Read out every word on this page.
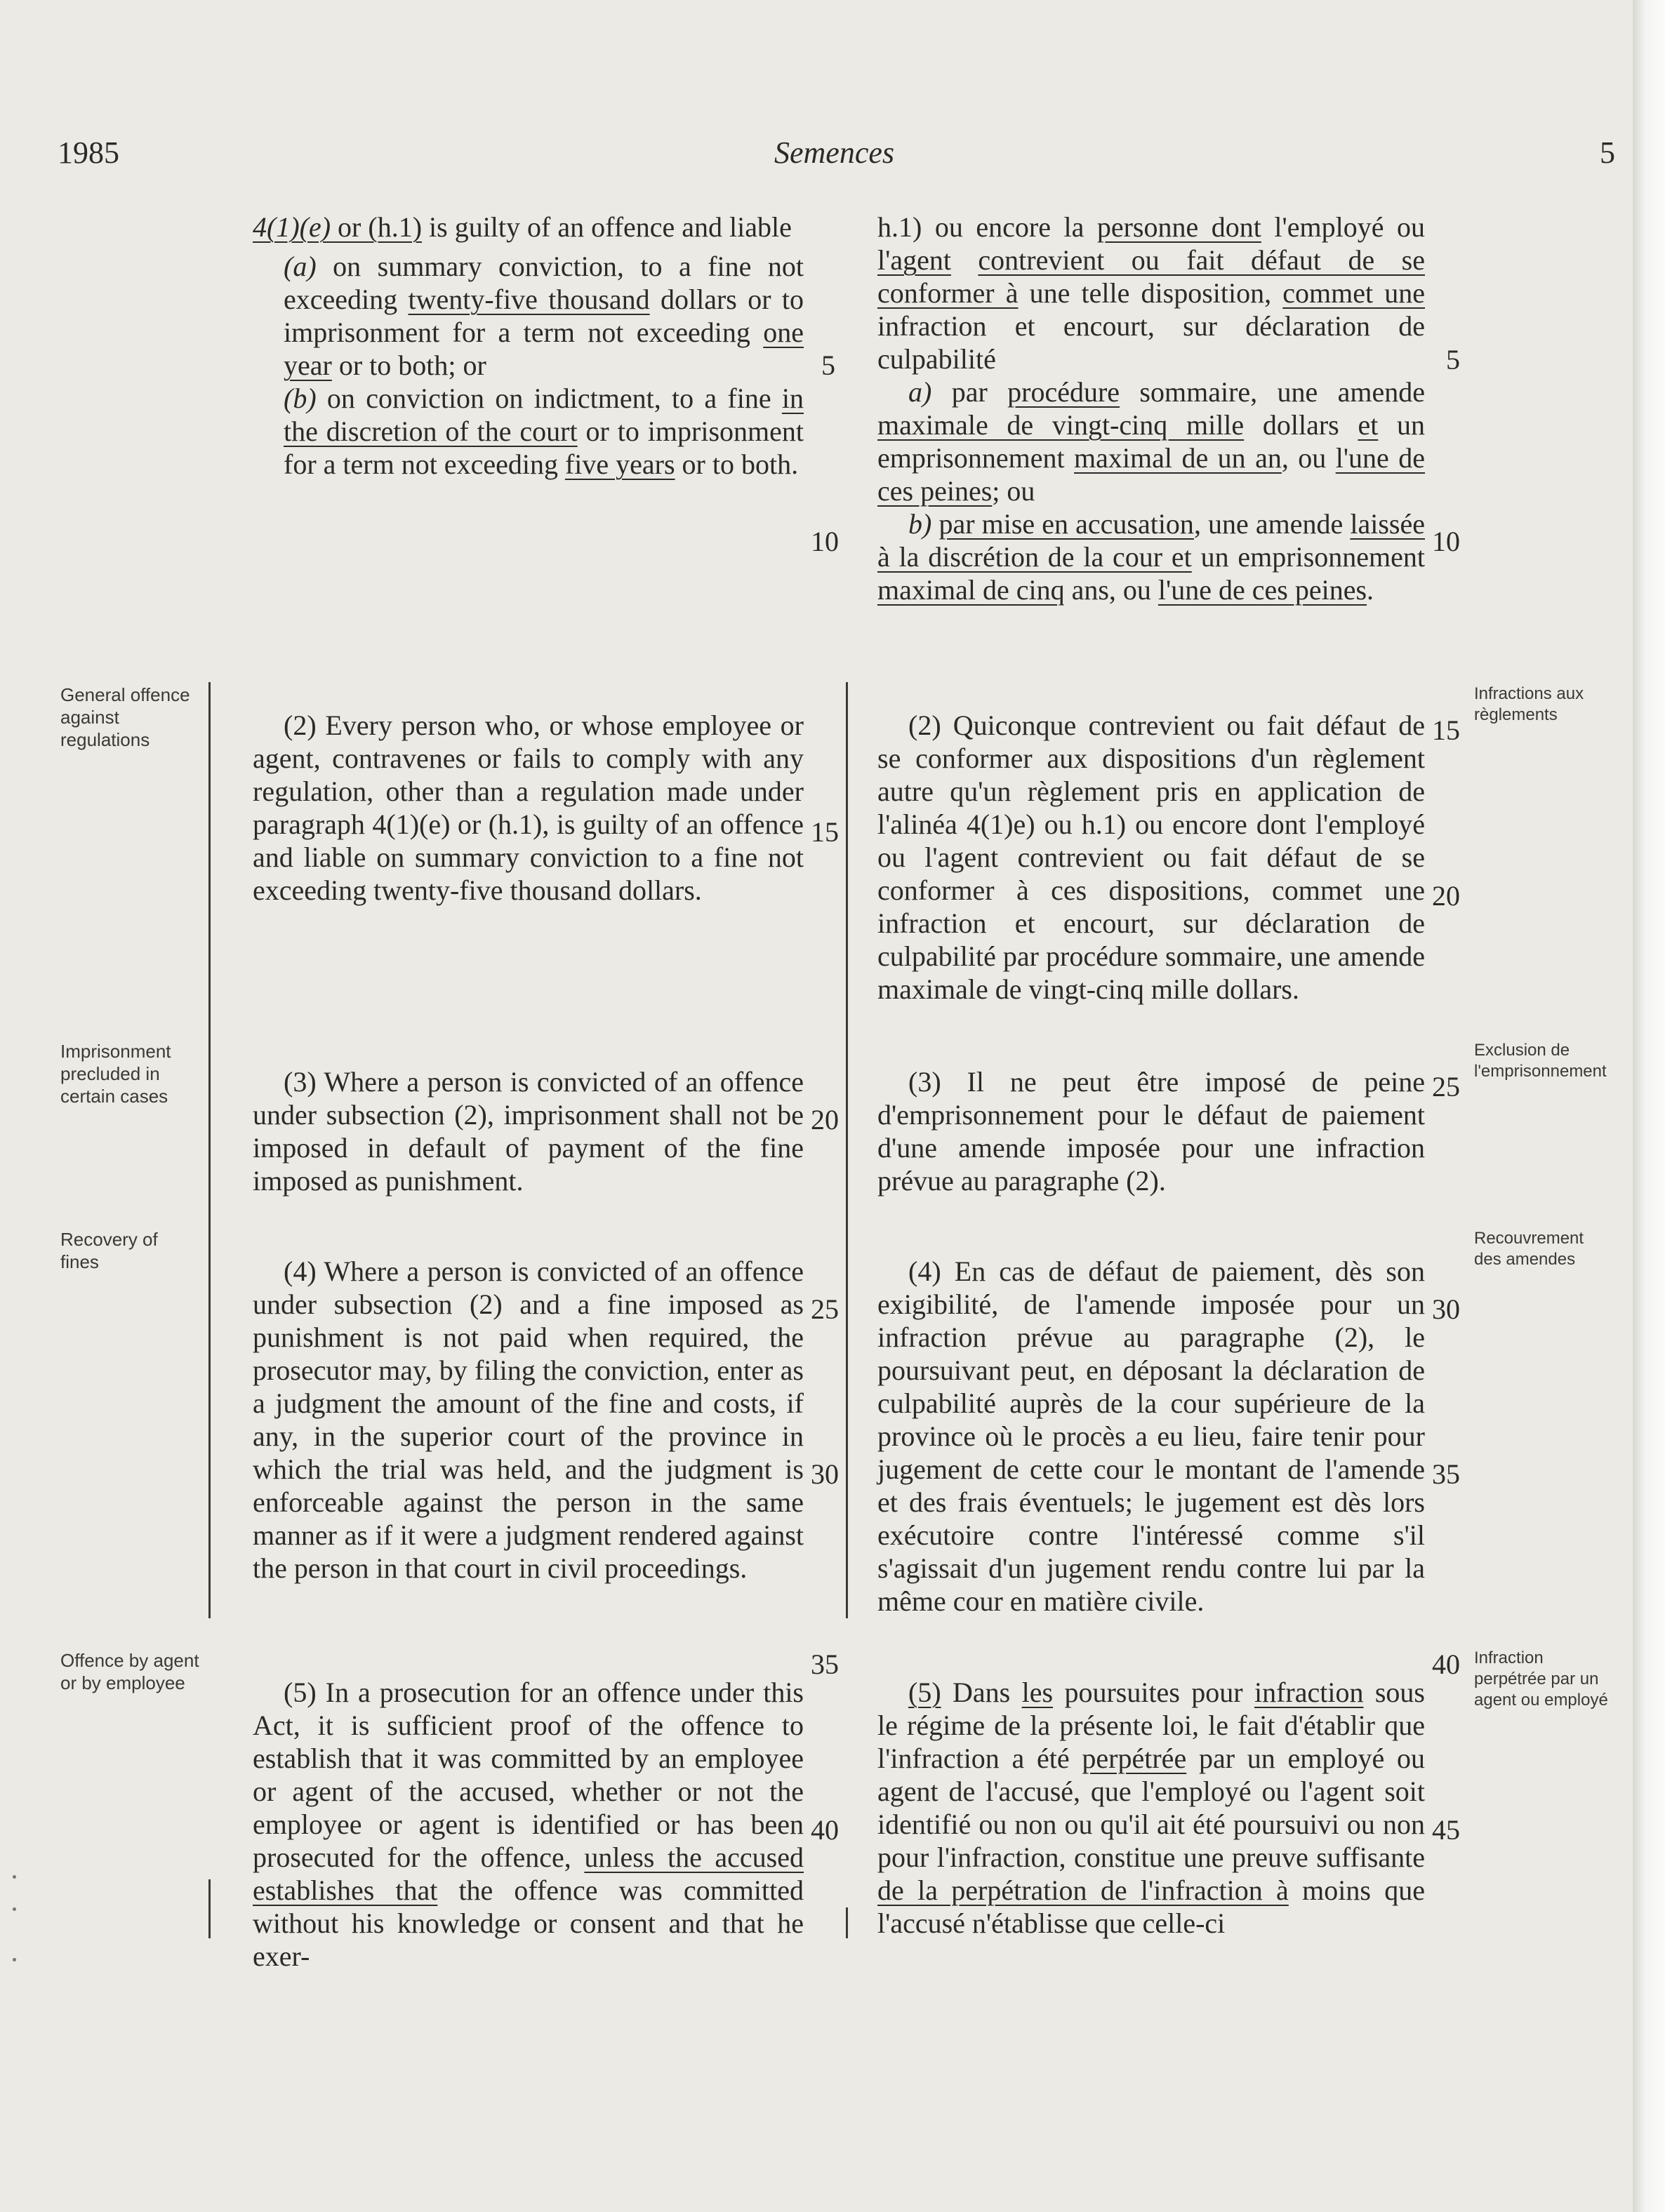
1985	Semences	5

4(1)(e) or (h.1) is guilty of an offence and liable

(a) on summary conviction, to a fine not exceeding twenty-five thousand dollars or to imprisonment for a term not exceeding one year or to both; or

(b) on conviction on indictment, to a fine in the discretion of the court or to imprisonment for a term not exceeding five years or to both.

(2) Every person who, or whose employee or agent, contravenes or fails to comply with any regulation, other than a regulation made under paragraph 4(1)(e) or (h.1), is guilty of an offence and liable on summary conviction to a fine not exceeding twenty-five thousand dollars.

(3) Where a person is convicted of an offence under subsection (2), imprisonment shall not be imposed in default of payment of the fine imposed as punishment.

(4) Where a person is convicted of an offence under subsection (2) and a fine imposed as punishment is not paid when required, the prosecutor may, by filing the conviction, enter as a judgment the amount of the fine and costs, if any, in the superior court of the province in which the trial was held, and the judgment is enforceable against the person in the same manner as if it were a judgment rendered against the person in that court in civil proceedings.

(5) In a prosecution for an offence under this Act, it is sufficient proof of the offence to establish that it was committed by an employee or agent of the accused, whether or not the employee or agent is identified or has been prosecuted for the offence, unless the accused establishes that the offence was committed without his knowledge or consent and that he exer-

h.1) ou encore la personne dont l'employé ou l'agent contrevient ou fait défaut de se conformer à une telle disposition, commet une infraction et encourt, sur déclaration de culpabilité

a) par procédure sommaire, une amende maximale de vingt-cinq mille dollars et un emprisonnement maximal de un an, ou l'une de ces peines; ou

b) par mise en accusation, une amende laissée à la discrétion de la cour et un emprisonnement maximal de cinq ans, ou l'une de ces peines.

(2) Quiconque contrevient ou fait défaut de se conformer aux dispositions d'un règlement autre qu'un règlement pris en application de l'alinéa 4(1)e) ou h.1) ou encore dont l'employé ou l'agent contrevient ou fait défaut de se conformer à ces dispositions, commet une infraction et encourt, sur déclaration de culpabilité par procédure sommaire, une amende maximale de vingt-cinq mille dollars.

(3) Il ne peut être imposé de peine d'emprisonnement pour le défaut de paiement d'une amende imposée pour une infraction prévue au paragraphe (2).

(4) En cas de défaut de paiement, dès son exigibilité, de l'amende imposée pour un infraction prévue au paragraphe (2), le poursuivant peut, en déposant la déclaration de culpabilité auprès de la cour supérieure de la province où le procès a eu lieu, faire tenir pour jugement de cette cour le montant de l'amende et des frais éventuels; le jugement est dès lors exécutoire contre l'intéressé comme s'il s'agissait d'un jugement rendu contre lui par la même cour en matière civile.

(5) Dans les poursuites pour infraction sous le régime de la présente loi, le fait d'établir que l'infraction a été perpétrée par un employé ou agent de l'accusé, que l'employé ou l'agent soit identifié ou non ou qu'il ait été poursuivi ou non pour l'infraction, constitue une preuve suffisante de la perpétration de l'infraction à moins que l'accusé n'établisse que celle-ci

5
10
15
20
25
30
35
40
5
10
15
20
25
30
35
40
45
General offence against regulations
Imprisonment precluded in certain cases
Recovery of fines
Offence by agent or by employee
Infractions aux règlements
Exclusion de l'emprisonnement
Recouvrement des amendes
Infraction perpétrée par un agent ou employé
